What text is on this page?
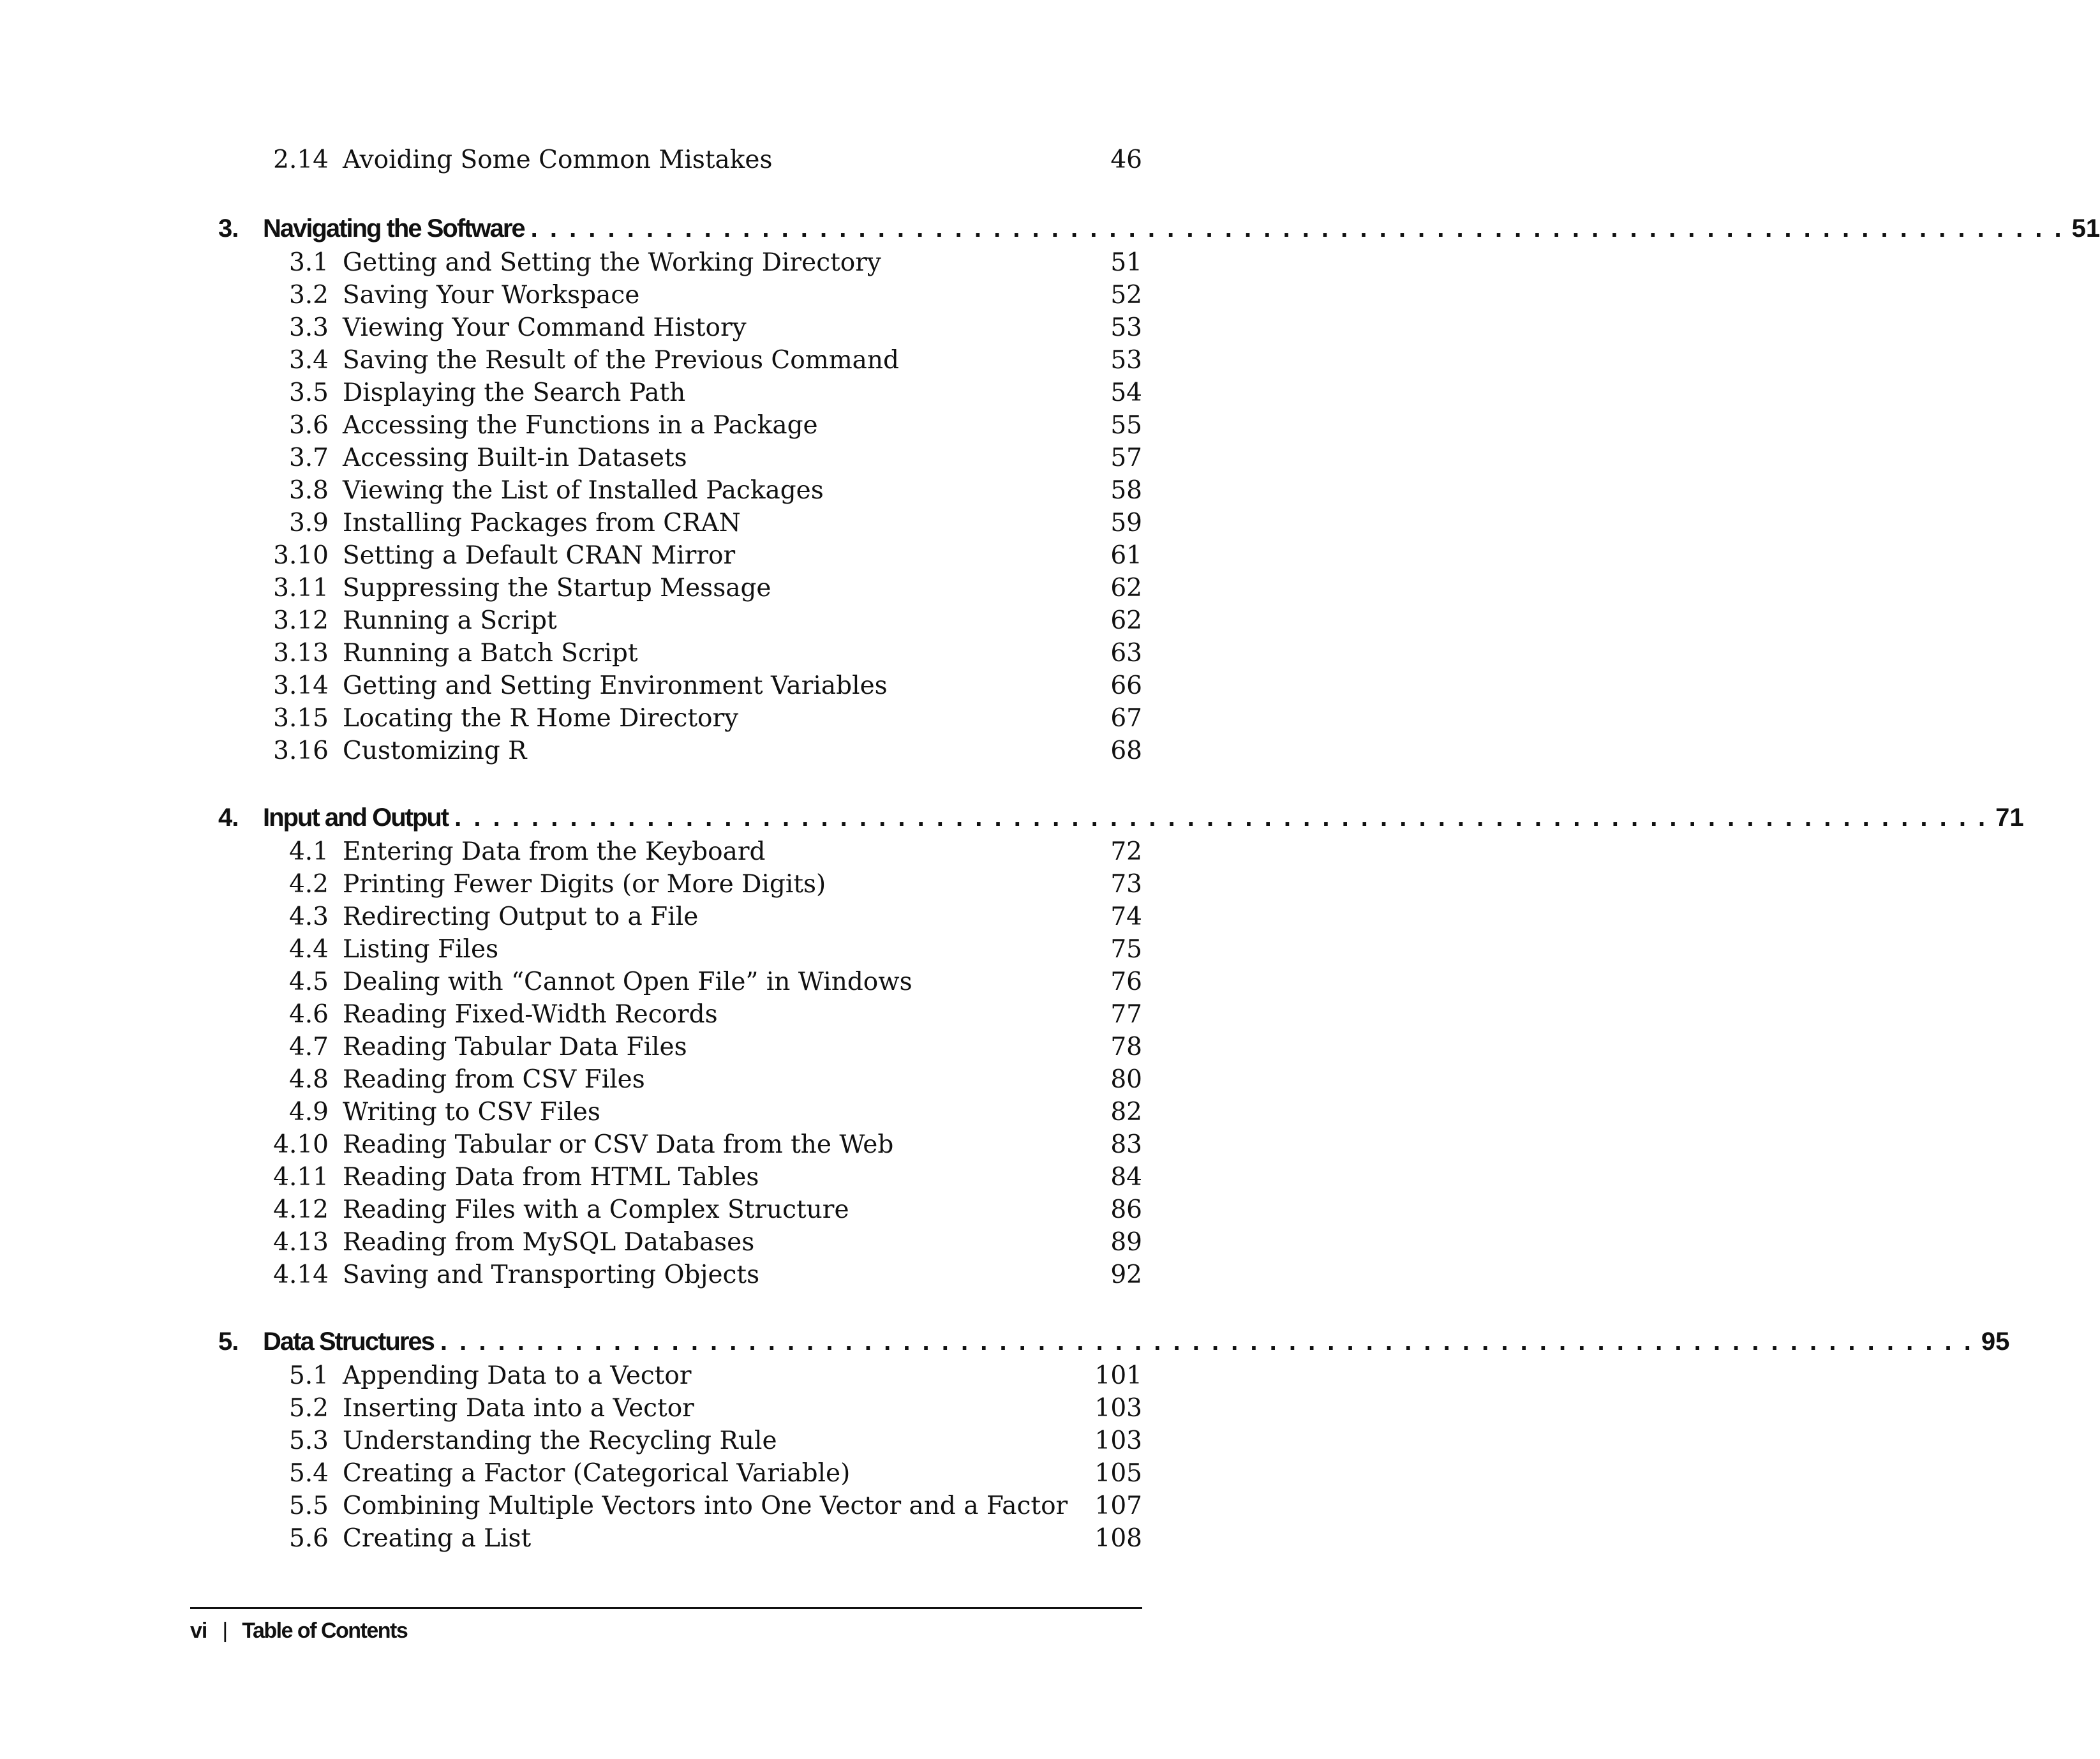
2.14 Avoiding Some Common Mistakes	46
3. Navigating the Software . . . . . . . . . . . . . . . . . . . . . . . . . . . . . . . . . . . . . . . . . . . . . . . . . . . . . . . . . . . . . . . . . . . . . . . . . . . . . . . . 51
3.1 Getting and Setting the Working Directory	51
3.2 Saving Your Workspace	52
3.3 Viewing Your Command History	53
3.4 Saving the Result of the Previous Command	53
3.5 Displaying the Search Path	54
3.6 Accessing the Functions in a Package	55
3.7 Accessing Built-in Datasets	57
3.8 Viewing the List of Installed Packages	58
3.9 Installing Packages from CRAN	59
3.10 Setting a Default CRAN Mirror	61
3.11 Suppressing the Startup Message	62
3.12 Running a Script	62
3.13 Running a Batch Script	63
3.14 Getting and Setting Environment Variables	66
3.15 Locating the R Home Directory	67
3.16 Customizing R	68
4. Input and Output . . . . . . . . . . . . . . . . . . . . . . . . . . . . . . . . . . . . . . . . . . . . . . . . . . . . . . . . . . . . . . . . . . . . . . . . . . . . . . . . 71
4.1 Entering Data from the Keyboard	72
4.2 Printing Fewer Digits (or More Digits)	73
4.3 Redirecting Output to a File	74
4.4 Listing Files	75
4.5 Dealing with “Cannot Open File” in Windows	76
4.6 Reading Fixed-Width Records	77
4.7 Reading Tabular Data Files	78
4.8 Reading from CSV Files	80
4.9 Writing to CSV Files	82
4.10 Reading Tabular or CSV Data from the Web	83
4.11 Reading Data from HTML Tables	84
4.12 Reading Files with a Complex Structure	86
4.13 Reading from MySQL Databases	89
4.14 Saving and Transporting Objects	92
5. Data Structures . . . . . . . . . . . . . . . . . . . . . . . . . . . . . . . . . . . . . . . . . . . . . . . . . . . . . . . . . . . . . . . . . . . . . . . . . . . . . . . . 95
5.1 Appending Data to a Vector	101
5.2 Inserting Data into a Vector	103
5.3 Understanding the Recycling Rule	103
5.4 Creating a Factor (Categorical Variable)	105
5.5 Combining Multiple Vectors into One Vector and a Factor 107
5.6 Creating a List	108
vi | Table of Contents
